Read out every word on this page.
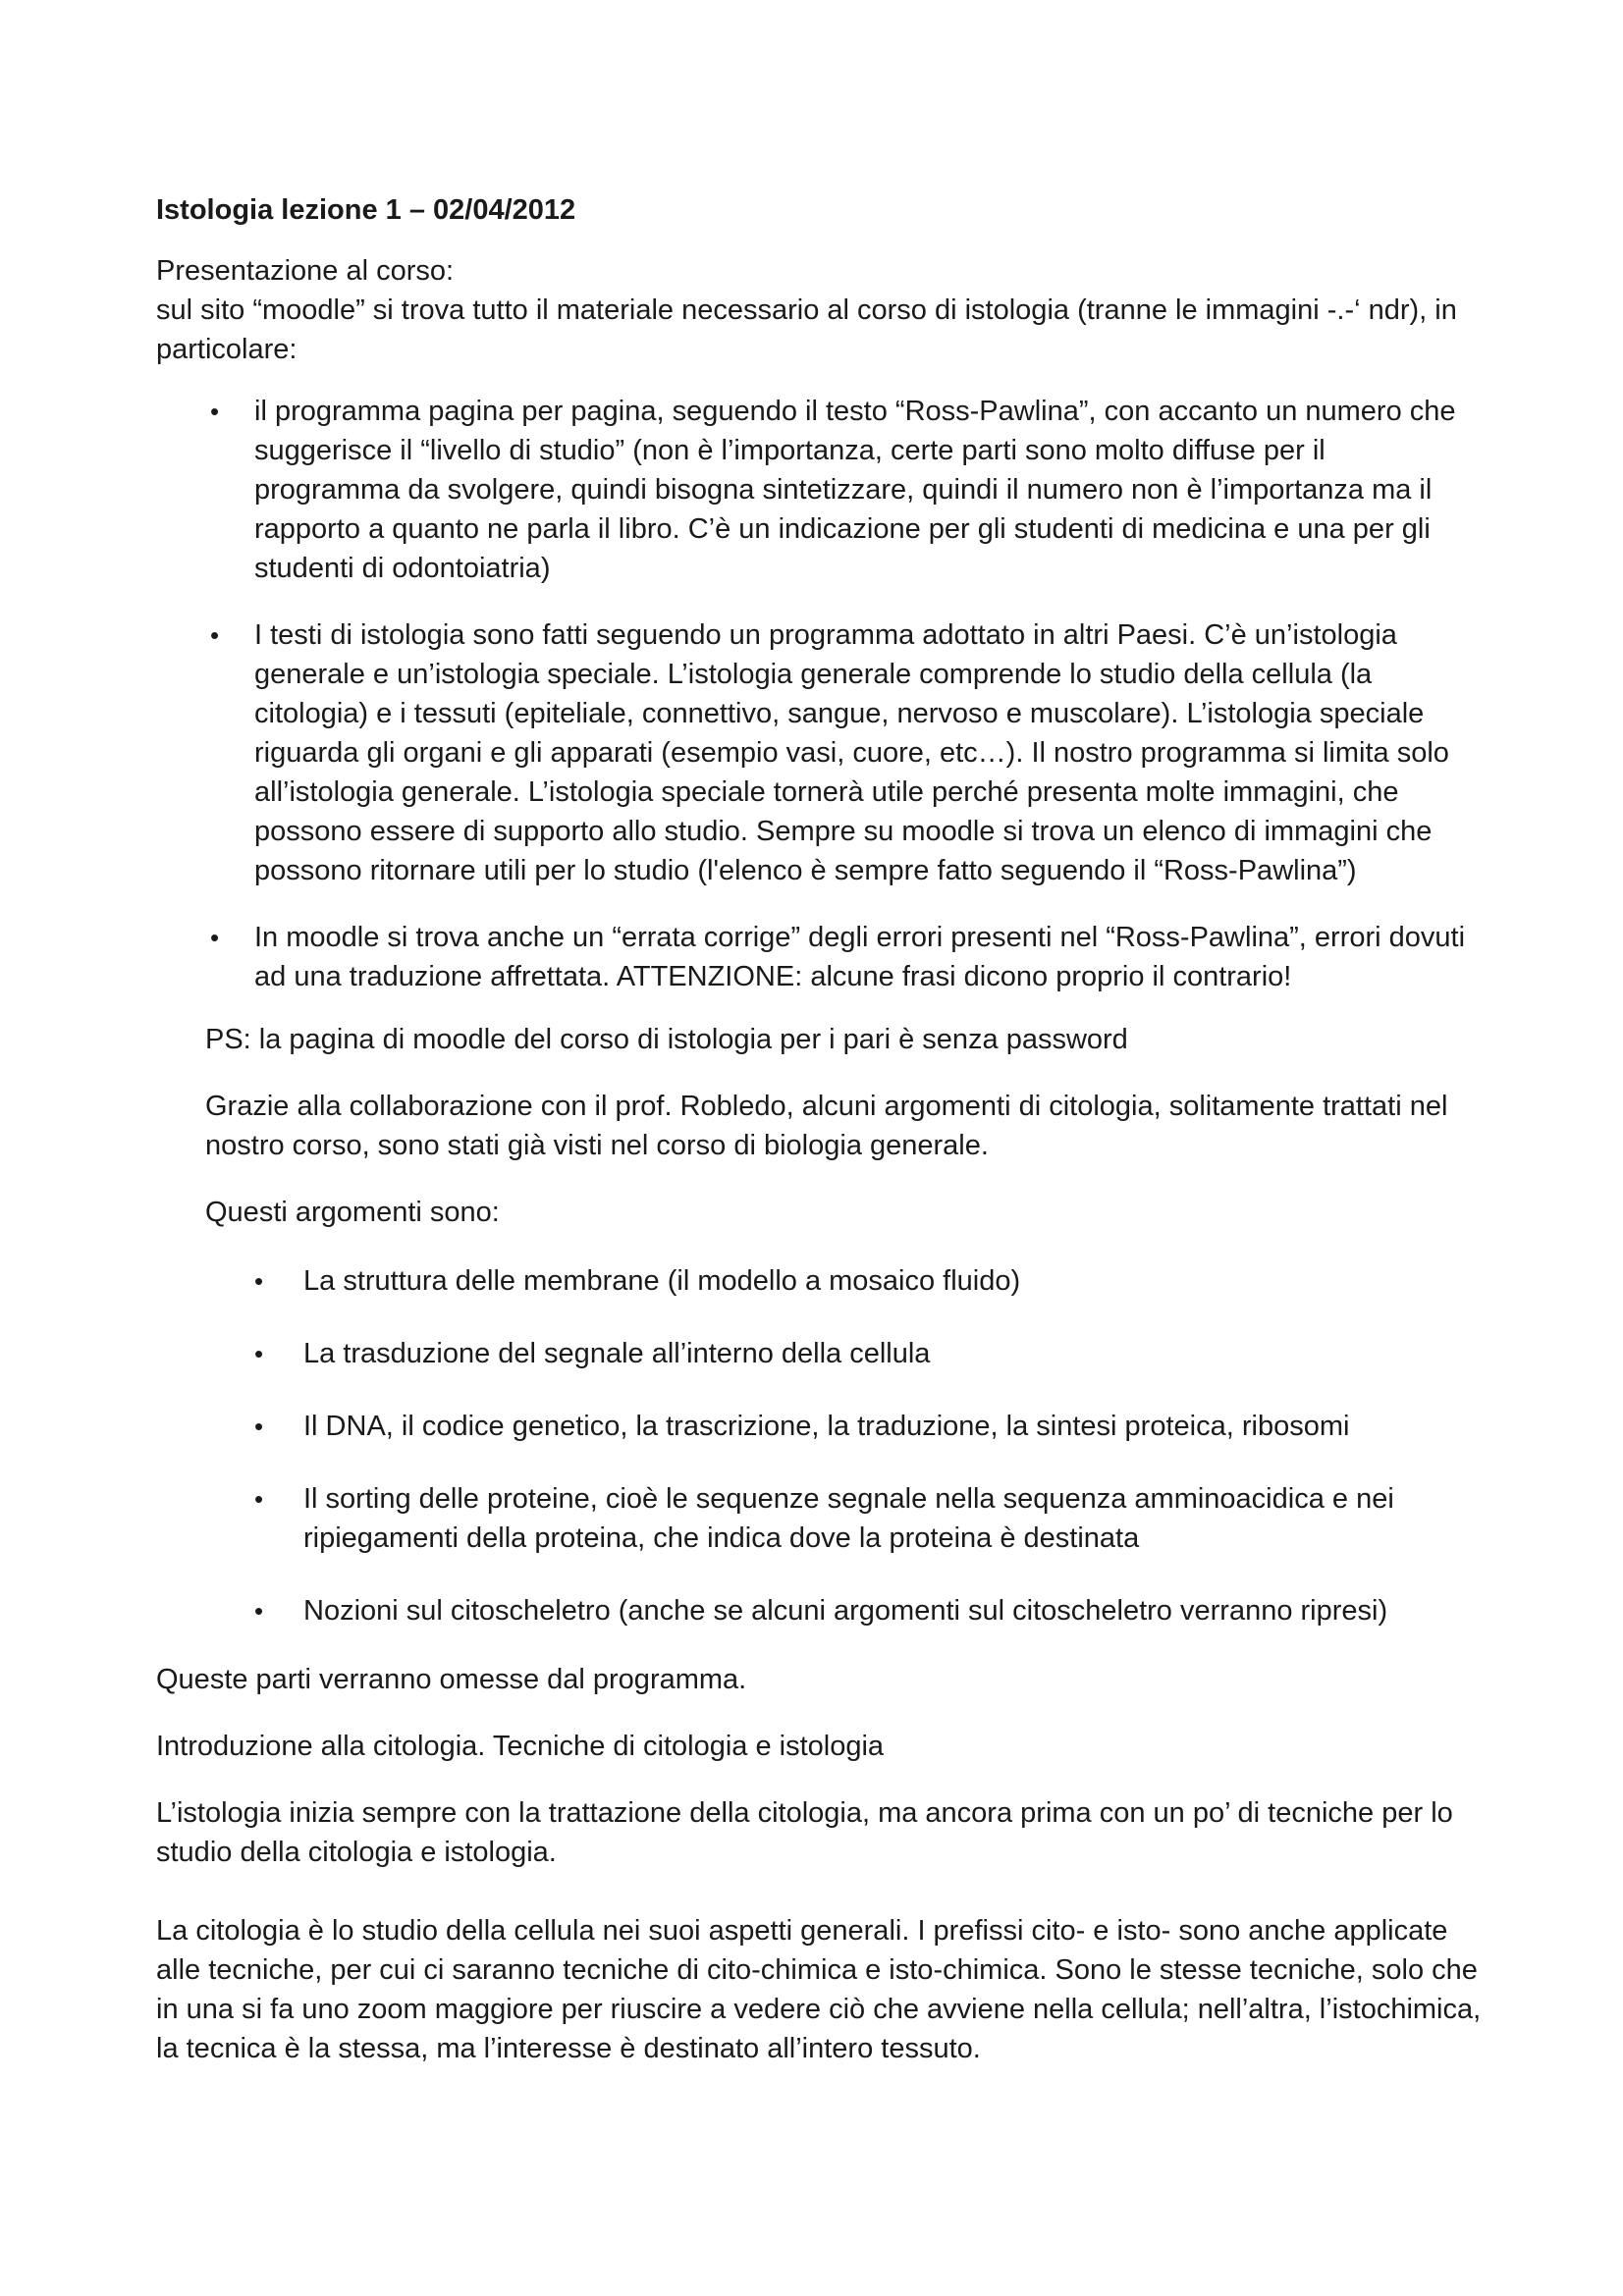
Istologia lezione 1 – 02/04/2012

Presentazione al corso:

sul sito “moodle” si trova tutto il materiale necessario al corso di istologia (tranne le immagini -.-‘ ndr), in particolare:

• il programma pagina per pagina, seguendo il testo “Ross-Pawlina”, con accanto un numero che suggerisce il “livello di studio” (non è l’importanza, certe parti sono molto diffuse per il programma da svolgere, quindi bisogna sintetizzare, quindi il numero non è l’importanza ma il rapporto a quanto ne parla il libro. C’è un indicazione per gli studenti di medicina e una per gli studenti di odontoiatria)
• I testi di istologia sono fatti seguendo un programma adottato in altri Paesi. C’è un’istologia generale e un’istologia speciale. L’istologia generale comprende lo studio della cellula (la citologia) e i tessuti (epiteliale, connettivo, sangue, nervoso e muscolare). L’istologia speciale riguarda gli organi e gli apparati (esempio vasi, cuore, etc…). Il nostro programma si limita solo all’istologia generale. L’istologia speciale tornerà utile perché presenta molte immagini, che possono essere di supporto allo studio. Sempre su moodle si trova un elenco di immagini che possono ritornare utili per lo studio (l'elenco è sempre fatto seguendo il “Ross-Pawlina”)
• In moodle si trova anche un “errata corrige” degli errori presenti nel “Ross-Pawlina”, errori dovuti ad una traduzione affrettata. ATTENZIONE: alcune frasi dicono proprio il contrario!

PS: la pagina di moodle del corso di istologia per i pari è senza password

Grazie alla collaborazione con il prof. Robledo, alcuni argomenti di citologia, solitamente trattati nel nostro corso, sono stati già visti nel corso di biologia generale.

Questi argomenti sono:

• La struttura delle membrane (il modello a mosaico fluido)
• La trasduzione del segnale all’interno della cellula
• Il DNA, il codice genetico, la trascrizione, la traduzione, la sintesi proteica, ribosomi
• Il sorting delle proteine, cioè le sequenze segnale nella sequenza amminoacidica e nei ripiegamenti della proteina, che indica dove la proteina è destinata
• Nozioni sul citoscheletro (anche se alcuni argomenti sul citoscheletro verranno ripresi)

Queste parti verranno omesse dal programma.

Introduzione alla citologia. Tecniche di citologia e istologia

L’istologia inizia sempre con la trattazione della citologia, ma ancora prima con un po’ di tecniche per lo studio della citologia e istologia.

La citologia è lo studio della cellula nei suoi aspetti generali. I prefissi cito- e isto- sono anche applicate alle tecniche, per cui ci saranno tecniche di cito-chimica e isto-chimica. Sono le stesse tecniche, solo che in una si fa uno zoom maggiore per riuscire a vedere ciò che avviene nella cellula; nell’altra, l’istochimica, la tecnica è la stessa, ma l’interesse è destinato all’intero tessuto.
